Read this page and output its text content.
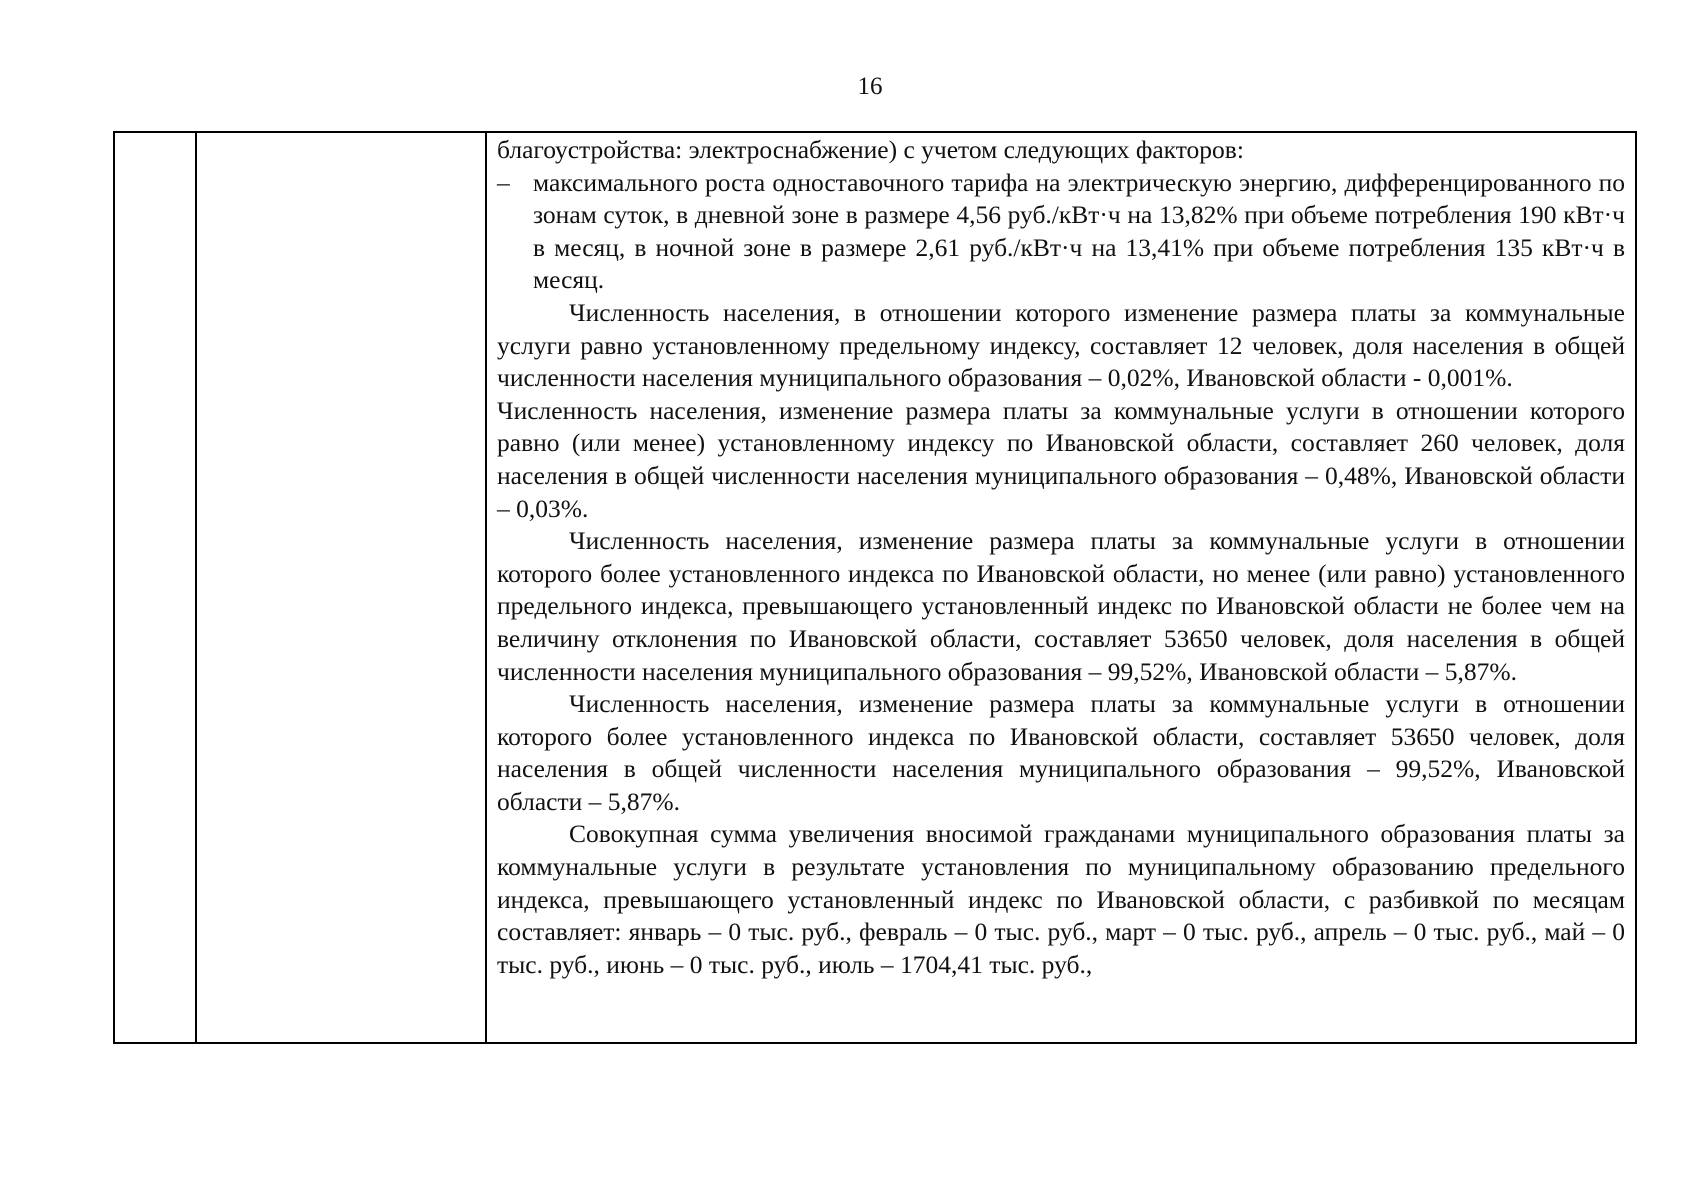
16

благоустройства: электроснабжение) с учетом следующих факторов:

– максимального роста одноставочного тарифа на электрическую энергию, дифференцированного по зонам суток, в дневной зоне в размере 4,56 руб./кВт·ч на 13,82% при объеме потребления 190 кВт·ч в месяц, в ночной зоне в размере 2,61 руб./кВт·ч на 13,41% при объеме потребления 135 кВт·ч в месяц.

Численность населения, в отношении которого изменение размера платы за коммунальные услуги равно установленному предельному индексу, составляет 12 человек, доля населения в общей численности населения муниципального образования – 0,02%, Ивановской области - 0,001%.

Численность населения, изменение размера платы за коммунальные услуги в отношении которого равно (или менее) установленному индексу по Ивановской области, составляет 260 человек, доля населения в общей численности населения муниципального образования – 0,48%, Ивановской области – 0,03%.

Численность населения, изменение размера платы за коммунальные услуги в отношении которого более установленного индекса по Ивановской области, но менее (или равно) установленного предельного индекса, превышающего установленный индекс по Ивановской области не более чем на величину отклонения по Ивановской области, составляет 53650 человек, доля населения в общей численности населения муниципального образования – 99,52%, Ивановской области – 5,87%.

Численность населения, изменение размера платы за коммунальные услуги в отношении которого более установленного индекса по Ивановской области, составляет 53650 человек, доля населения в общей численности населения муниципального образования – 99,52%, Ивановской области – 5,87%.

Совокупная сумма увеличения вносимой гражданами муниципального образования платы за коммунальные услуги в результате установления по муниципальному образованию предельного индекса, превышающего установленный индекс по Ивановской области, с разбивкой по месяцам составляет: январь – 0 тыс. руб., февраль – 0 тыс. руб., март – 0 тыс. руб., апрель – 0 тыс. руб., май – 0 тыс. руб., июнь – 0 тыс. руб., июль – 1704,41 тыс. руб.,
